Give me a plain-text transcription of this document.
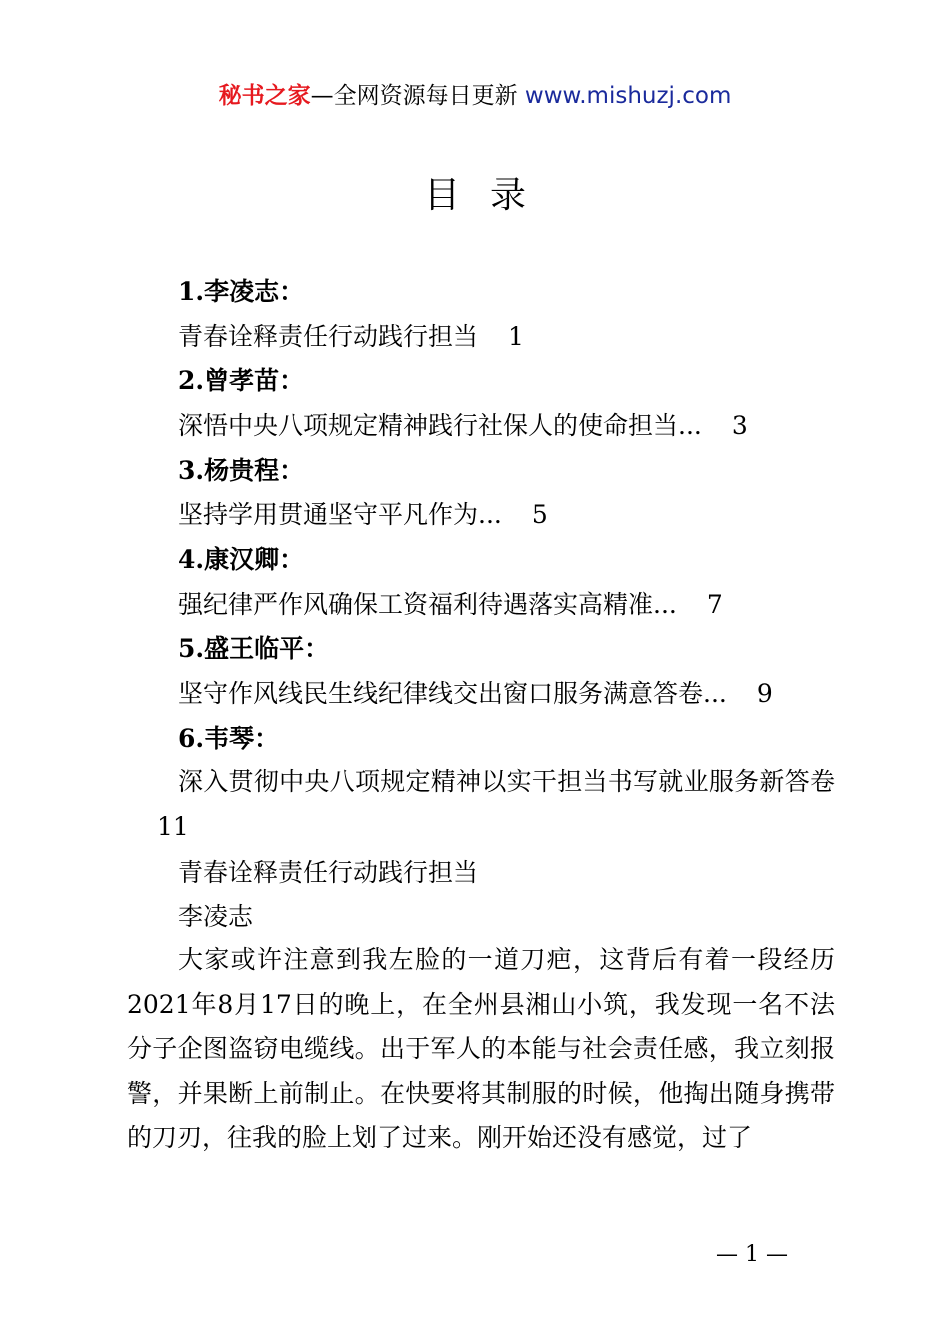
秘书之家—全网资源每日更新 www.mishuzj.com
目录
1.李凌志：
青春诠释责任行动践行担当 1
2.曾孝苗：
深悟中央八项规定精神践行社保人的使命担当... 3
3.杨贵程：
坚持学用贯通坚守平凡作为... 5
4.康汉卿：
强纪律严作风确保工资福利待遇落实高精准... 7
5.盛王临平：
坚守作风线民生线纪律线交出窗口服务满意答卷... 9
6.韦琴：
深入贯彻中央八项规定精神以实干担当书写就业服务新答卷11
青春诠释责任行动践行担当
李凌志
大家或许注意到我左脸的一道刀疤，这背后有着一段经历2021年8月17日的晚上，在全州县湘山小筑，我发现一名不法分子企图盗窃电缆线。出于军人的本能与社会责任感，我立刻报警，并果断上前制止。在快要将其制服的时候，他掏出随身携带的刀刃，往我的脸上划了过来。刚开始还没有感觉，过了
— 1 —
